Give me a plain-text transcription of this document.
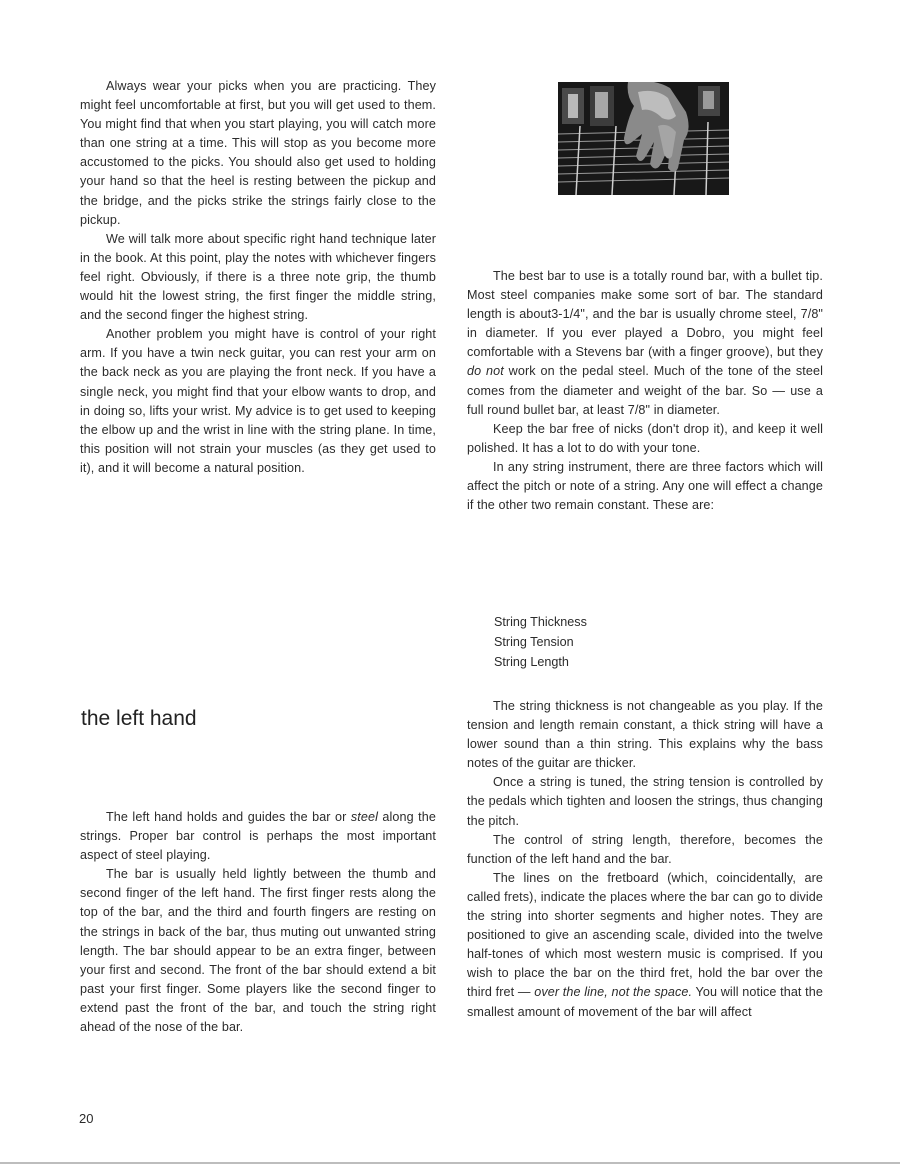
Always wear your picks when you are practicing. They might feel uncomfortable at first, but you will get used to them. You might find that when you start playing, you will catch more than one string at a time. This will stop as you become more accustomed to the picks. You should also get used to holding your hand so that the heel is resting between the pickup and the bridge, and the picks strike the strings fairly close to the pickup.

We will talk more about specific right hand technique later in the book. At this point, play the notes with whichever fingers feel right. Obviously, if there is a three note grip, the thumb would hit the lowest string, the first finger the middle string, and the second finger the highest string.

Another problem you might have is control of your right arm. If you have a twin neck guitar, you can rest your arm on the back neck as you are playing the front neck. If you have a single neck, you might find that your elbow wants to drop, and in doing so, lifts your wrist. My advice is to get used to keeping the elbow up and the wrist in line with the string plane. In time, this position will not strain your muscles (as they get used to it), and it will become a natural position.

the left hand

The left hand holds and guides the bar or steel along the strings. Proper bar control is perhaps the most important aspect of steel playing.

The bar is usually held lightly between the thumb and second finger of the left hand. The first finger rests along the top of the bar, and the third and fourth fingers are resting on the strings in back of the bar, thus muting out unwanted string length. The bar should appear to be an extra finger, between your first and second. The front of the bar should extend a bit past your first finger. Some players like the second finger to extend past the front of the bar, and touch the string right ahead of the nose of the bar.

The best bar to use is a totally round bar, with a bullet tip. Most steel companies make some sort of bar. The standard length is about3-1/4", and the bar is usually chrome steel, 7/8" in diameter. If you ever played a Dobro, you might feel comfortable with a Stevens bar (with a finger groove), but they do not work on the pedal steel. Much of the tone of the steel comes from the diameter and weight of the bar. So — use a full round bullet bar, at least 7/8" in diameter.

Keep the bar free of nicks (don't drop it), and keep it well polished. It has a lot to do with your tone.

In any string instrument, there are three factors which will affect the pitch or note of a string. Any one will effect a change if the other two remain constant. These are:

String Thickness
String Tension
String Length

The string thickness is not changeable as you play. If the tension and length remain constant, a thick string will have a lower sound than a thin string. This explains why the bass notes of the guitar are thicker.

Once a string is tuned, the string tension is controlled by the pedals which tighten and loosen the strings, thus changing the pitch.

The control of string length, therefore, becomes the function of the left hand and the bar.

The lines on the fretboard (which, coincidentally, are called frets), indicate the places where the bar can go to divide the string into shorter segments and higher notes. They are positioned to give an ascending scale, divided into the twelve half-tones of which most western music is comprised. If you wish to place the bar on the third fret, hold the bar over the third fret — over the line, not the space. You will notice that the smallest amount of movement of the bar will affect

20
